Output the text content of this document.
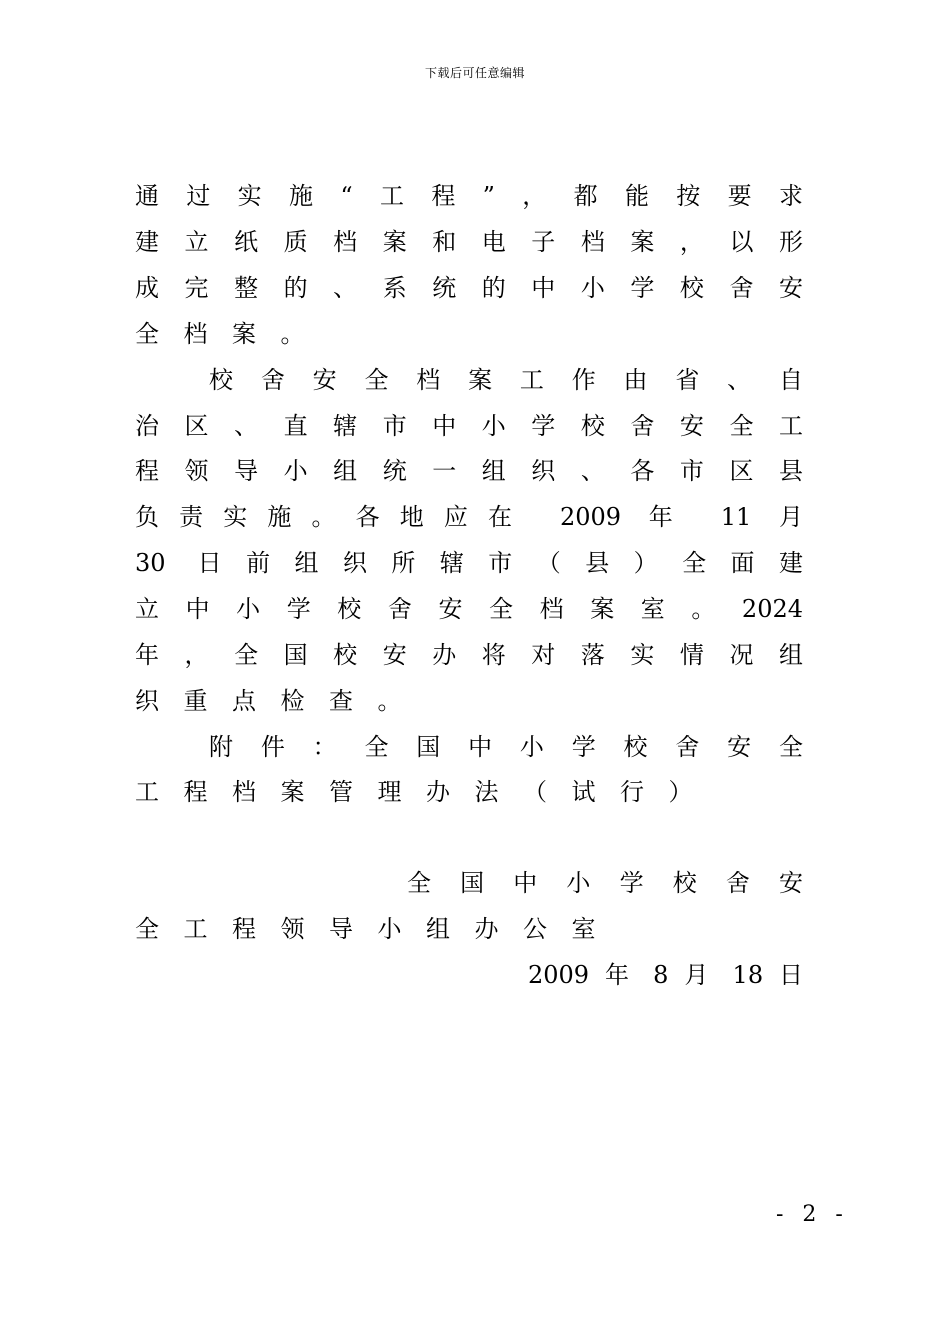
下载后可任意编辑
通过实施“工程”，都能按要求
建立纸质档案和电子档案，以形
成完整的、系统的中小学校舍安
全档案。
校舍安全档案工作由省、自
治区、直辖市中小学校舍安全工
程领导小组统一组织、各市区县
负责实施。各地应在 2009 年 11 月
30 日前组织所辖市（县）全面建
立中小学校舍安全档案室。2024
年，全国校安办将对落实情况组
织重点检查。
附件：全国中小学校舍安全
工程档案管理办法（试行）
全国中小学校舍安
全工程领导小组办公室
2009 年 8 月 18 日
- 2 -
